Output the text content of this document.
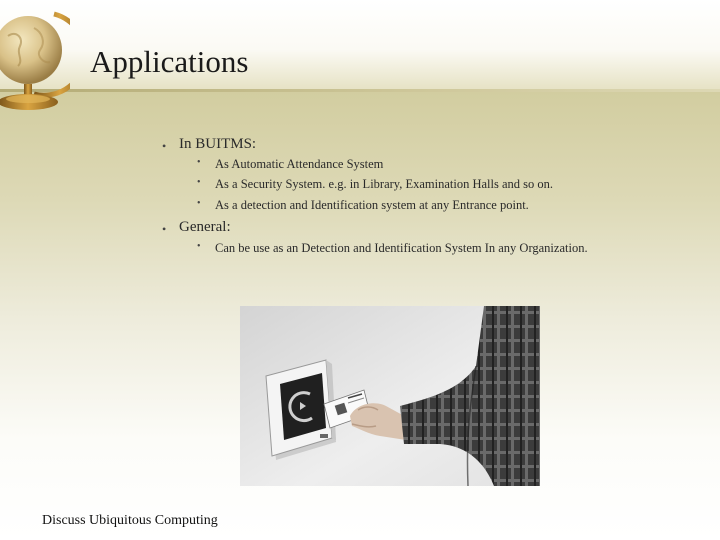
Applications
• In BUITMS:
• As Automatic Attendance System
• As a Security System. e.g. in Library, Examination Halls and so on.
• As a detection and Identification system at any Entrance point.
• General:
• Can be use as an Detection and Identification System In any Organization.
Discuss Ubiquitous Computing
